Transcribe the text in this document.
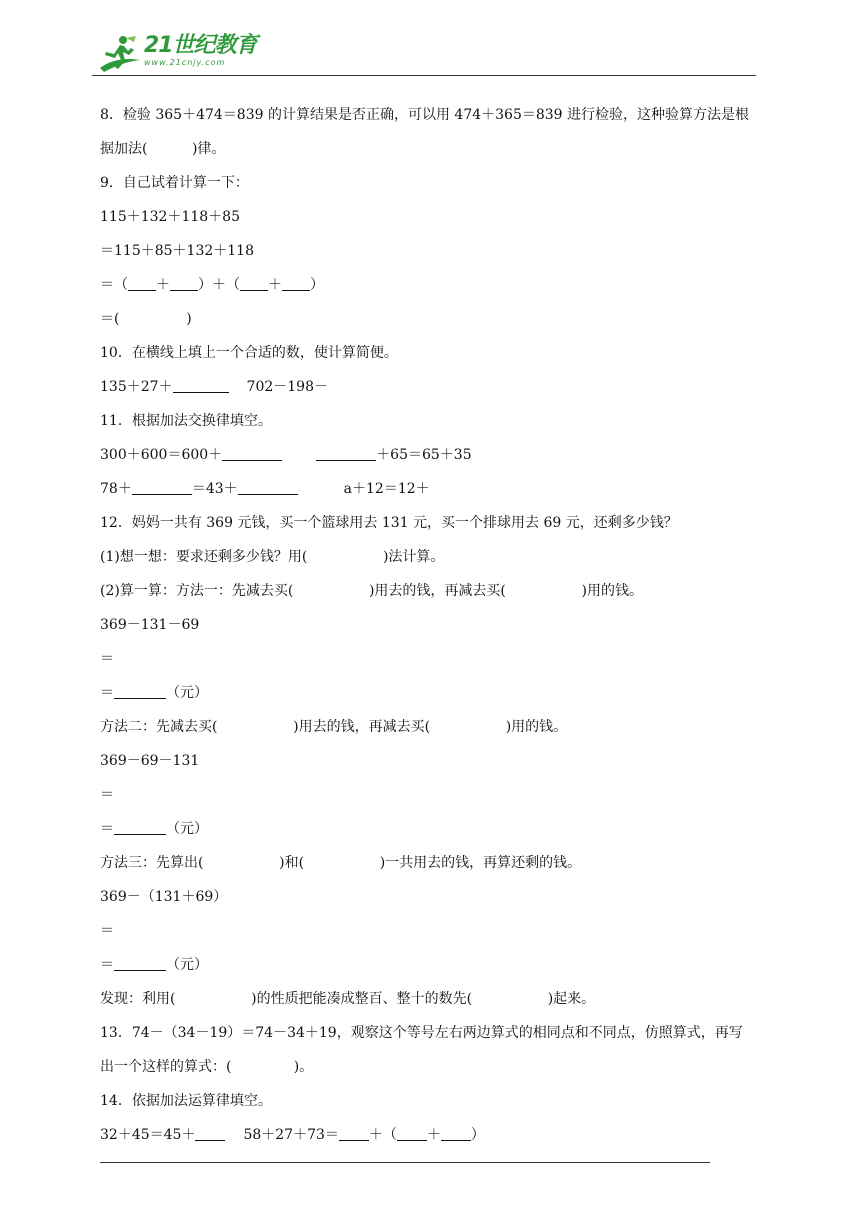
21世纪教育
www.21cnjy.com
8．检验 365＋474＝839 的计算结果是否正确，可以用 474＋365＝839 进行检验，这种验算方法是根
据加法(          )律。
9．自己试着计算一下：
115＋132＋118＋85
＝115＋85＋132＋118
＝（ ＋ ）＋（ ＋ ）
＝(               )
10．在横线上填上一个合适的数，使计算简便。
135＋27＋	702－198－
11．根据加法交换律填空。
300＋600＝600＋	＋65＝65＋35
78＋	＝43＋	a＋12＝12＋
12．妈妈一共有 369 元钱，买一个篮球用去 131 元，买一个排球用去 69 元，还剩多少钱？
(1)想一想：要求还剩多少钱？用(                 )法计算。
(2)算一算：方法一：先减去买(                 )用去的钱，再减去买(                 )用的钱。
369－131－69
＝
＝	（元）
方法二：先减去买(                 )用去的钱，再减去买(                 )用的钱。
369－69－131
＝
＝	（元）
方法三：先算出(                 )和(                 )一共用去的钱，再算还剩的钱。
369－（131＋69）
＝
＝	（元）
发现：利用(                 )的性质把能凑成整百、整十的数先(                 )起来。
13．74－（34－19）＝74－34＋19，观察这个等号左右两边算式的相同点和不同点，仿照算式，再写
出一个这样的算式：(              )。
14．依据加法运算律填空。
32＋45＝45＋	58＋27＋73＝ ＋（ ＋ ）
